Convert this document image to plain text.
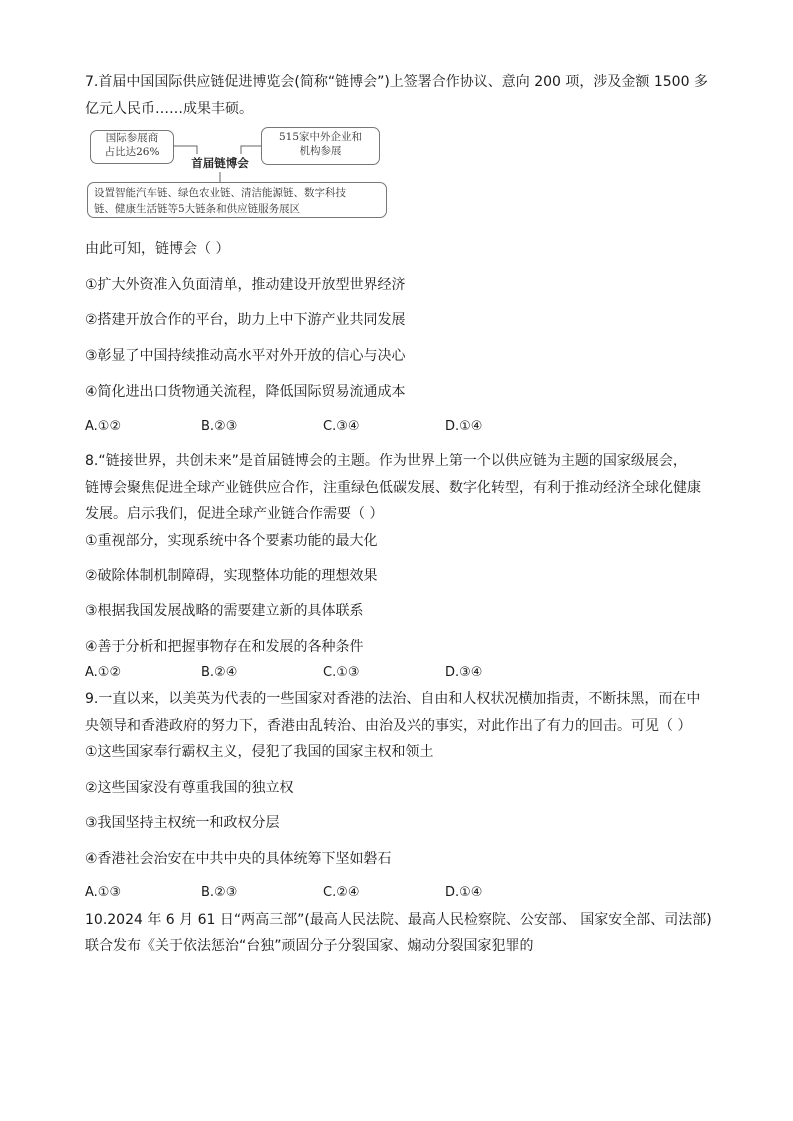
7.首届中国国际供应链促进博览会(简称“链博会”)上签署合作协议、意向 200 项，涉及金额 1500 多
亿元人民币……成果丰硕。
国际参展商
占比达26%
515家中外企业和
机构参展
首届链博会
设置智能汽车链、绿色农业链、清洁能源链、数字科技
链、健康生活链等5大链条和供应链服务展区
由此可知，链博会（ ）
①扩大外资准入负面清单，推动建设开放型世界经济
②搭建开放合作的平台，助力上中下游产业共同发展
③彰显了中国持续推动高水平对外开放的信心与决心
④简化进出口货物通关流程，降低国际贸易流通成本
A.①②	B.②③	C.③④	D.①④
8.“链接世界，共创未来”是首届链博会的主题。作为世界上第一个以供应链为主题的国家级展会，
链博会聚焦促进全球产业链供应合作，注重绿色低碳发展、数字化转型，有利于推动经济全球化健康
发展。启示我们，促进全球产业链合作需要（ ）
①重视部分，实现系统中各个要素功能的最大化
②破除体制机制障碍，实现整体功能的理想效果
③根据我国发展战略的需要建立新的具体联系
④善于分析和把握事物存在和发展的各种条件
A.①②	B.②④	C.①③	D.③④
9.一直以来，以美英为代表的一些国家对香港的法治、自由和人权状况横加指责，不断抹黑，而在中
央领导和香港政府的努力下，香港由乱转治、由治及兴的事实，对此作出了有力的回击。可见（ ）
①这些国家奉行霸权主义，侵犯了我国的国家主权和领土
②这些国家没有尊重我国的独立权
③我国坚持主权统一和政权分层
④香港社会治安在中共中央的具体统筹下坚如磐石
A.①③	B.②③	C.②④	D.①④
10.2024 年 6 月 61 日“两高三部”(最高人民法院、最高人民检察院、公安部、 国家安全部、司法部)
联合发布《关于依法惩治“台独”顽固分子分裂国家、煽动分裂国家犯罪的
